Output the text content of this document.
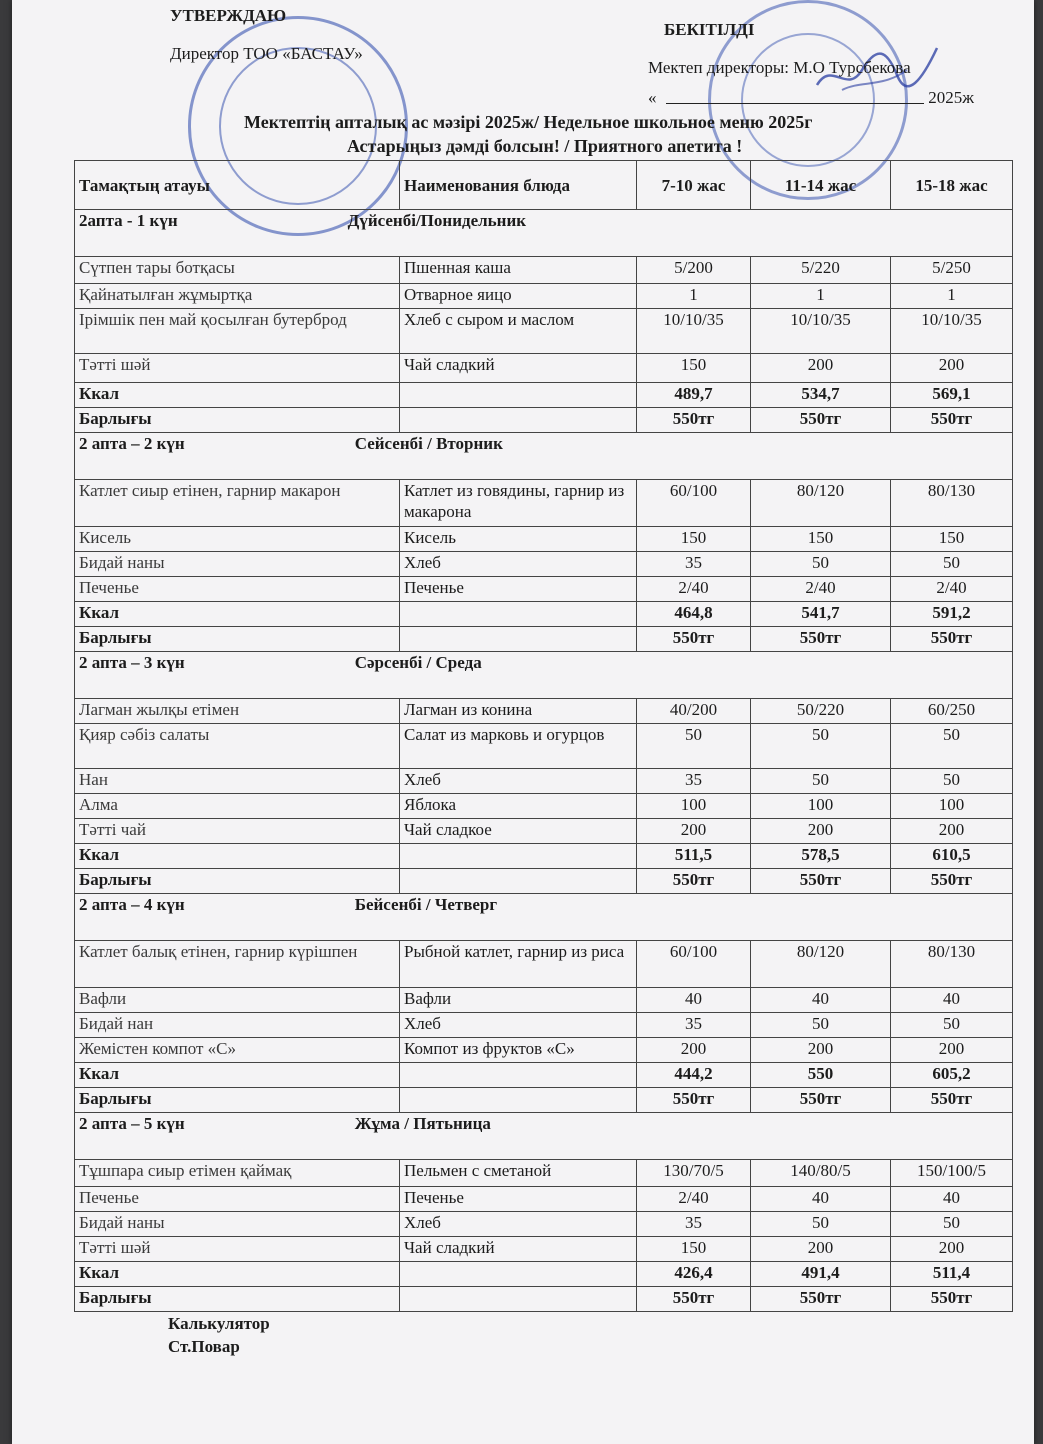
УТВЕРЖДАЮ
Директор ТОО «БАСТАУ»
БЕКІТІЛДІ
Мектеп директоры: М.О Турсбекова
«	2025ж
Мектептің апталық ас мәзірі 2025ж/ Недельное школьное меню 2025г
Астарыңыз дәмді болсын! / Приятного апетита !
Тамақтың атауы	Наименования блюда	7-10 жас	11-14 жас	15-18 жас
2апта - 1 күн Дүйсенбі/Понидельник				
Сүтпен тары ботқасы	Пшенная каша	5/200	5/220	5/250
Қайнатылған жұмыртқа	Отварное яицо	1	1	1
Ірімшік пен май қосылған бутерброд	Хлеб с сыром и маслом	10/10/35	10/10/35	10/10/35
Тәтті шәй	Чай сладкий	150	200	200
Ккал		489,7	534,7	569,1
Барлығы		550тг	550тг	550тг
2 апта – 2 күн Сейсенбі / Вторник				
Катлет сиыр етінен, гарнир макарон	Катлет из говядины, гарнир из макарона	60/100	80/120	80/130
Кисель	Кисель	150	150	150
Бидай наны	Хлеб	35	50	50
Печенье	Печенье	2/40	2/40	2/40
Ккал		464,8	541,7	591,2
Барлығы		550тг	550тг	550тг
2 апта – 3 күн Сәрсенбі / Среда				
Лагман жылқы етімен	Лагман из конина	40/200	50/220	60/250
Қияр сәбіз салаты	Салат из марковь и огурцов	50	50	50
Нан	Хлеб	35	50	50
Алма	Яблока	100	100	100
Тәтті чай	Чай сладкое	200	200	200
Ккал		511,5	578,5	610,5
Барлығы		550тг	550тг	550тг
2 апта – 4 күн Бейсенбі / Четверг				
Катлет балық етінен, гарнир күрішпен	Рыбной катлет, гарнир из риса	60/100	80/120	80/130
Вафли	Вафли	40	40	40
Бидай нан	Хлеб	35	50	50
Жемістен компот «С»	Компот из фруктов «С»	200	200	200
Ккал		444,2	550	605,2
Барлығы		550тг	550тг	550тг
2 апта – 5 күн Жұма / Пятьница				
Тұшпара сиыр етімен қаймақ	Пельмен с сметаной	130/70/5	140/80/5	150/100/5
Печенье	Печенье	2/40	40	40
Бидай наны	Хлеб	35	50	50
Тәтті шәй	Чай сладкий	150	200	200
Ккал		426,4	491,4	511,4
Барлығы		550тг	550тг	550тг
Калькулятор
Ст.Повар
